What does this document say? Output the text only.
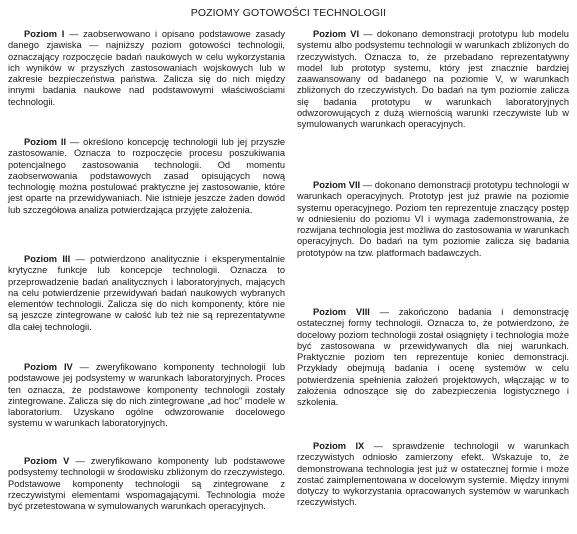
POZIOMY GOTOWOŚCI TECHNOLOGII

Poziom I — zaobserwowano i opisano podstawowe zasady danego zjawiska — najniższy poziom gotowości technologii, oznaczający rozpoczęcie badań naukowych w celu wykorzystania ich wyników w przyszłych zastosowaniach wojskowych lub w zakresie bezpieczeństwa państwa. Zalicza się do nich między innymi badania naukowe nad podstawowymi właściwościami technologii.

Poziom II — określono koncepcję technologii lub jej przyszłe zastosowanie. Oznacza to rozpoczęcie procesu poszukiwania potencjalnego zastosowania technologii. Od momentu zaobserwowania podstawowych zasad opisujących nową technologię można postulować praktyczne jej zastosowanie, które jest oparte na przewidywaniach. Nie istnieje jeszcze żaden dowód lub szczegółowa analiza potwierdzająca przyjęte założenia.

Poziom III — potwierdzono analitycznie i eksperymentalnie krytyczne funkcje lub koncepcje technologii. Oznacza to przeprowadzenie badań analitycznych i laboratoryjnych, mających na celu potwierdzenie przewidywań badań naukowych wybranych elementów technologii. Zalicza się do nich komponenty, które nie są jeszcze zintegrowane w całość lub też nie są reprezentatywne dla całej technologii.

Poziom IV — zweryfikowano komponenty technologii lub podstawowe jej podsystemy w warunkach laboratoryjnych. Proces ten oznacza, że podstawowe komponenty technologii zostały zintegrowane. Zalicza się do nich zintegrowane „ad hoc” modele w laboratorium. Uzyskano ogólne odwzorowanie docelowego systemu w warunkach laboratoryjnych.

Poziom V — zweryfikowano komponenty lub podstawowe podsystemy technologii w środowisku zbliżonym do rzeczywistego. Podstawowe komponenty technologii są zintegrowane z rzeczywistymi elementami wspomagającymi. Technologia może być przetestowana w symulowanych warunkach operacyjnych.

Poziom VI — dokonano demonstracji prototypu lub modelu systemu albo podsystemu technologii w warunkach zbliżonych do rzeczywistych. Oznacza to, że przebadano reprezentatywny model lub prototyp systemu, który jest znacznie bardziej zaawansowany od badanego na poziomie V, w warunkach zbliżonych do rzeczywistych. Do badań na tym poziomie zalicza się badania prototypu w warunkach laboratoryjnych odwzorowujących z dużą wiernością warunki rzeczywiste lub w symulowanych warunkach operacyjnych.

Poziom VII — dokonano demonstracji prototypu technologii w warunkach operacyjnych. Prototyp jest już prawie na poziomie systemu operacyjnego. Poziom ten reprezentuje znaczący postęp w odniesieniu do poziomu VI i wymaga zademonstrowania, że rozwijana technologia jest możliwa do zastosowania w warunkach operacyjnych. Do badań na tym poziomie zalicza się badania prototypów na tzw. platformach badawczych.

Poziom VIII — zakończono badania i demonstrację ostatecznej formy technologii. Oznacza to, że potwierdzono, że docelowy poziom technologii został osiągnięty i technologia może być zastosowana w przewidywanych dla niej warunkach. Praktycznie poziom ten reprezentuje koniec demonstracji. Przykłady obejmują badania i ocenę systemów w celu potwierdzenia spełnienia założeń projektowych, włączając w to założenia odnoszące się do zabezpieczenia logistycznego i szkolenia.

Poziom IX — sprawdzenie technologii w warunkach rzeczywistych odniosło zamierzony efekt. Wskazuje to, że demonstrowana technologia jest już w ostatecznej formie i może zostać zaimplementowana w docelowym systemie. Między innymi dotyczy to wykorzystania opracowanych systemów w warunkach rzeczywistych.
